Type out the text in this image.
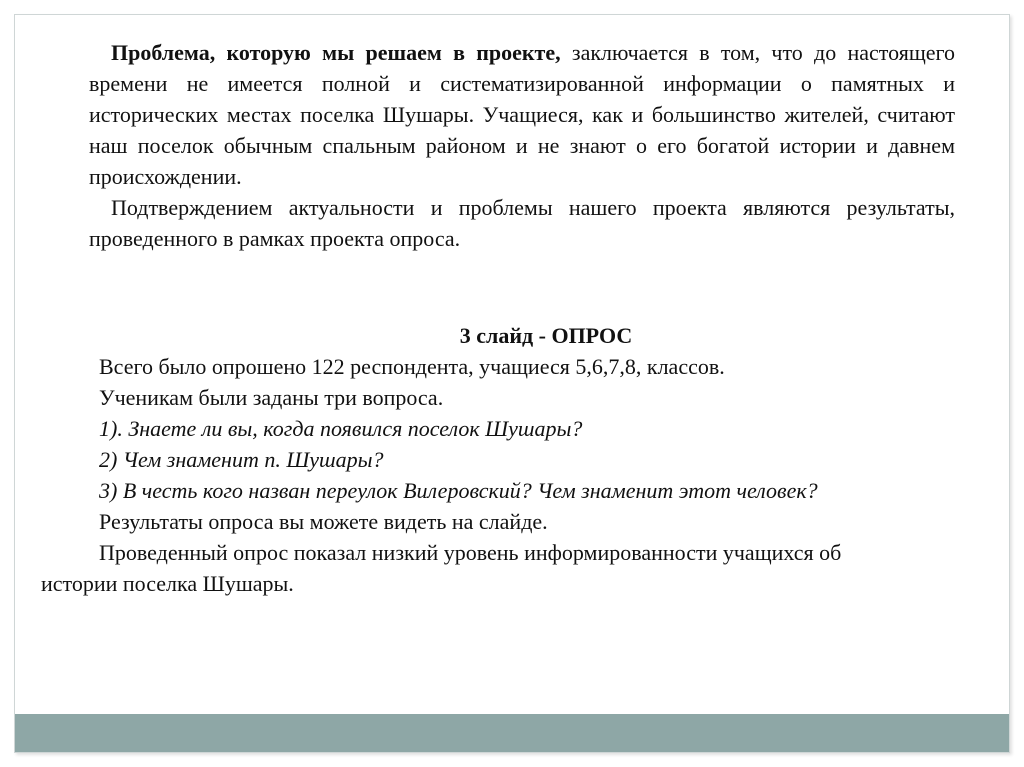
Проблема, которую мы решаем в проекте, заключается в том, что до настоящего времени не имеется полной и систематизированной информации о памятных и исторических местах поселка Шушары. Учащиеся, как и большинство жителей, считают наш поселок обычным спальным районом и не знают о его богатой истории и давнем происхождении.

Подтверждением актуальности и проблемы нашего проекта являются результаты, проведенного в рамках проекта опроса.

3 слайд - ОПРОС
Всего было опрошено 122 респондента, учащиеся 5,6,7,8, классов.
Ученикам были заданы три вопроса.
1). Знаете ли вы, когда появился поселок Шушары?
2) Чем знаменит п. Шушары?
3) В честь кого назван переулок Вилеровский? Чем знаменит этот человек?
Результаты опроса вы можете видеть на слайде.
Проведенный опрос показал низкий уровень информированности учащихся об
истории поселка Шушары.
